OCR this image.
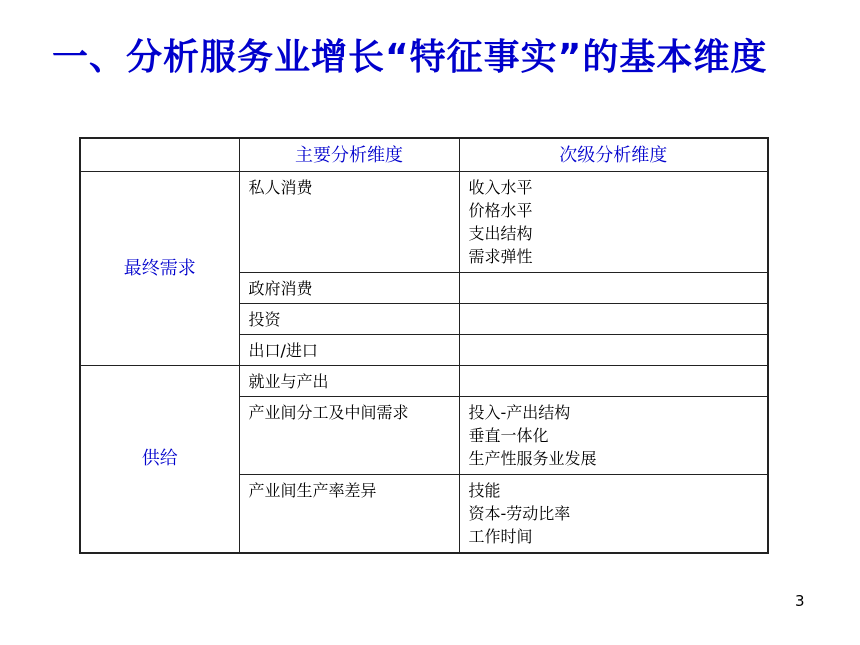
一、分析服务业增长“特征事实”的基本维度
	主要分析维度	次级分析维度
最终需求	私人消费	收入水平
价格水平
支出结构
需求弹性

	政府消费	

	投资	

	出口/进口	

供给	就业与产出	

	产业间分工及中间需求	投入-产出结构
垂直一体化
生产性服务业发展

	产业间生产率差异	技能
资本-劳动比率
工作时间
3
